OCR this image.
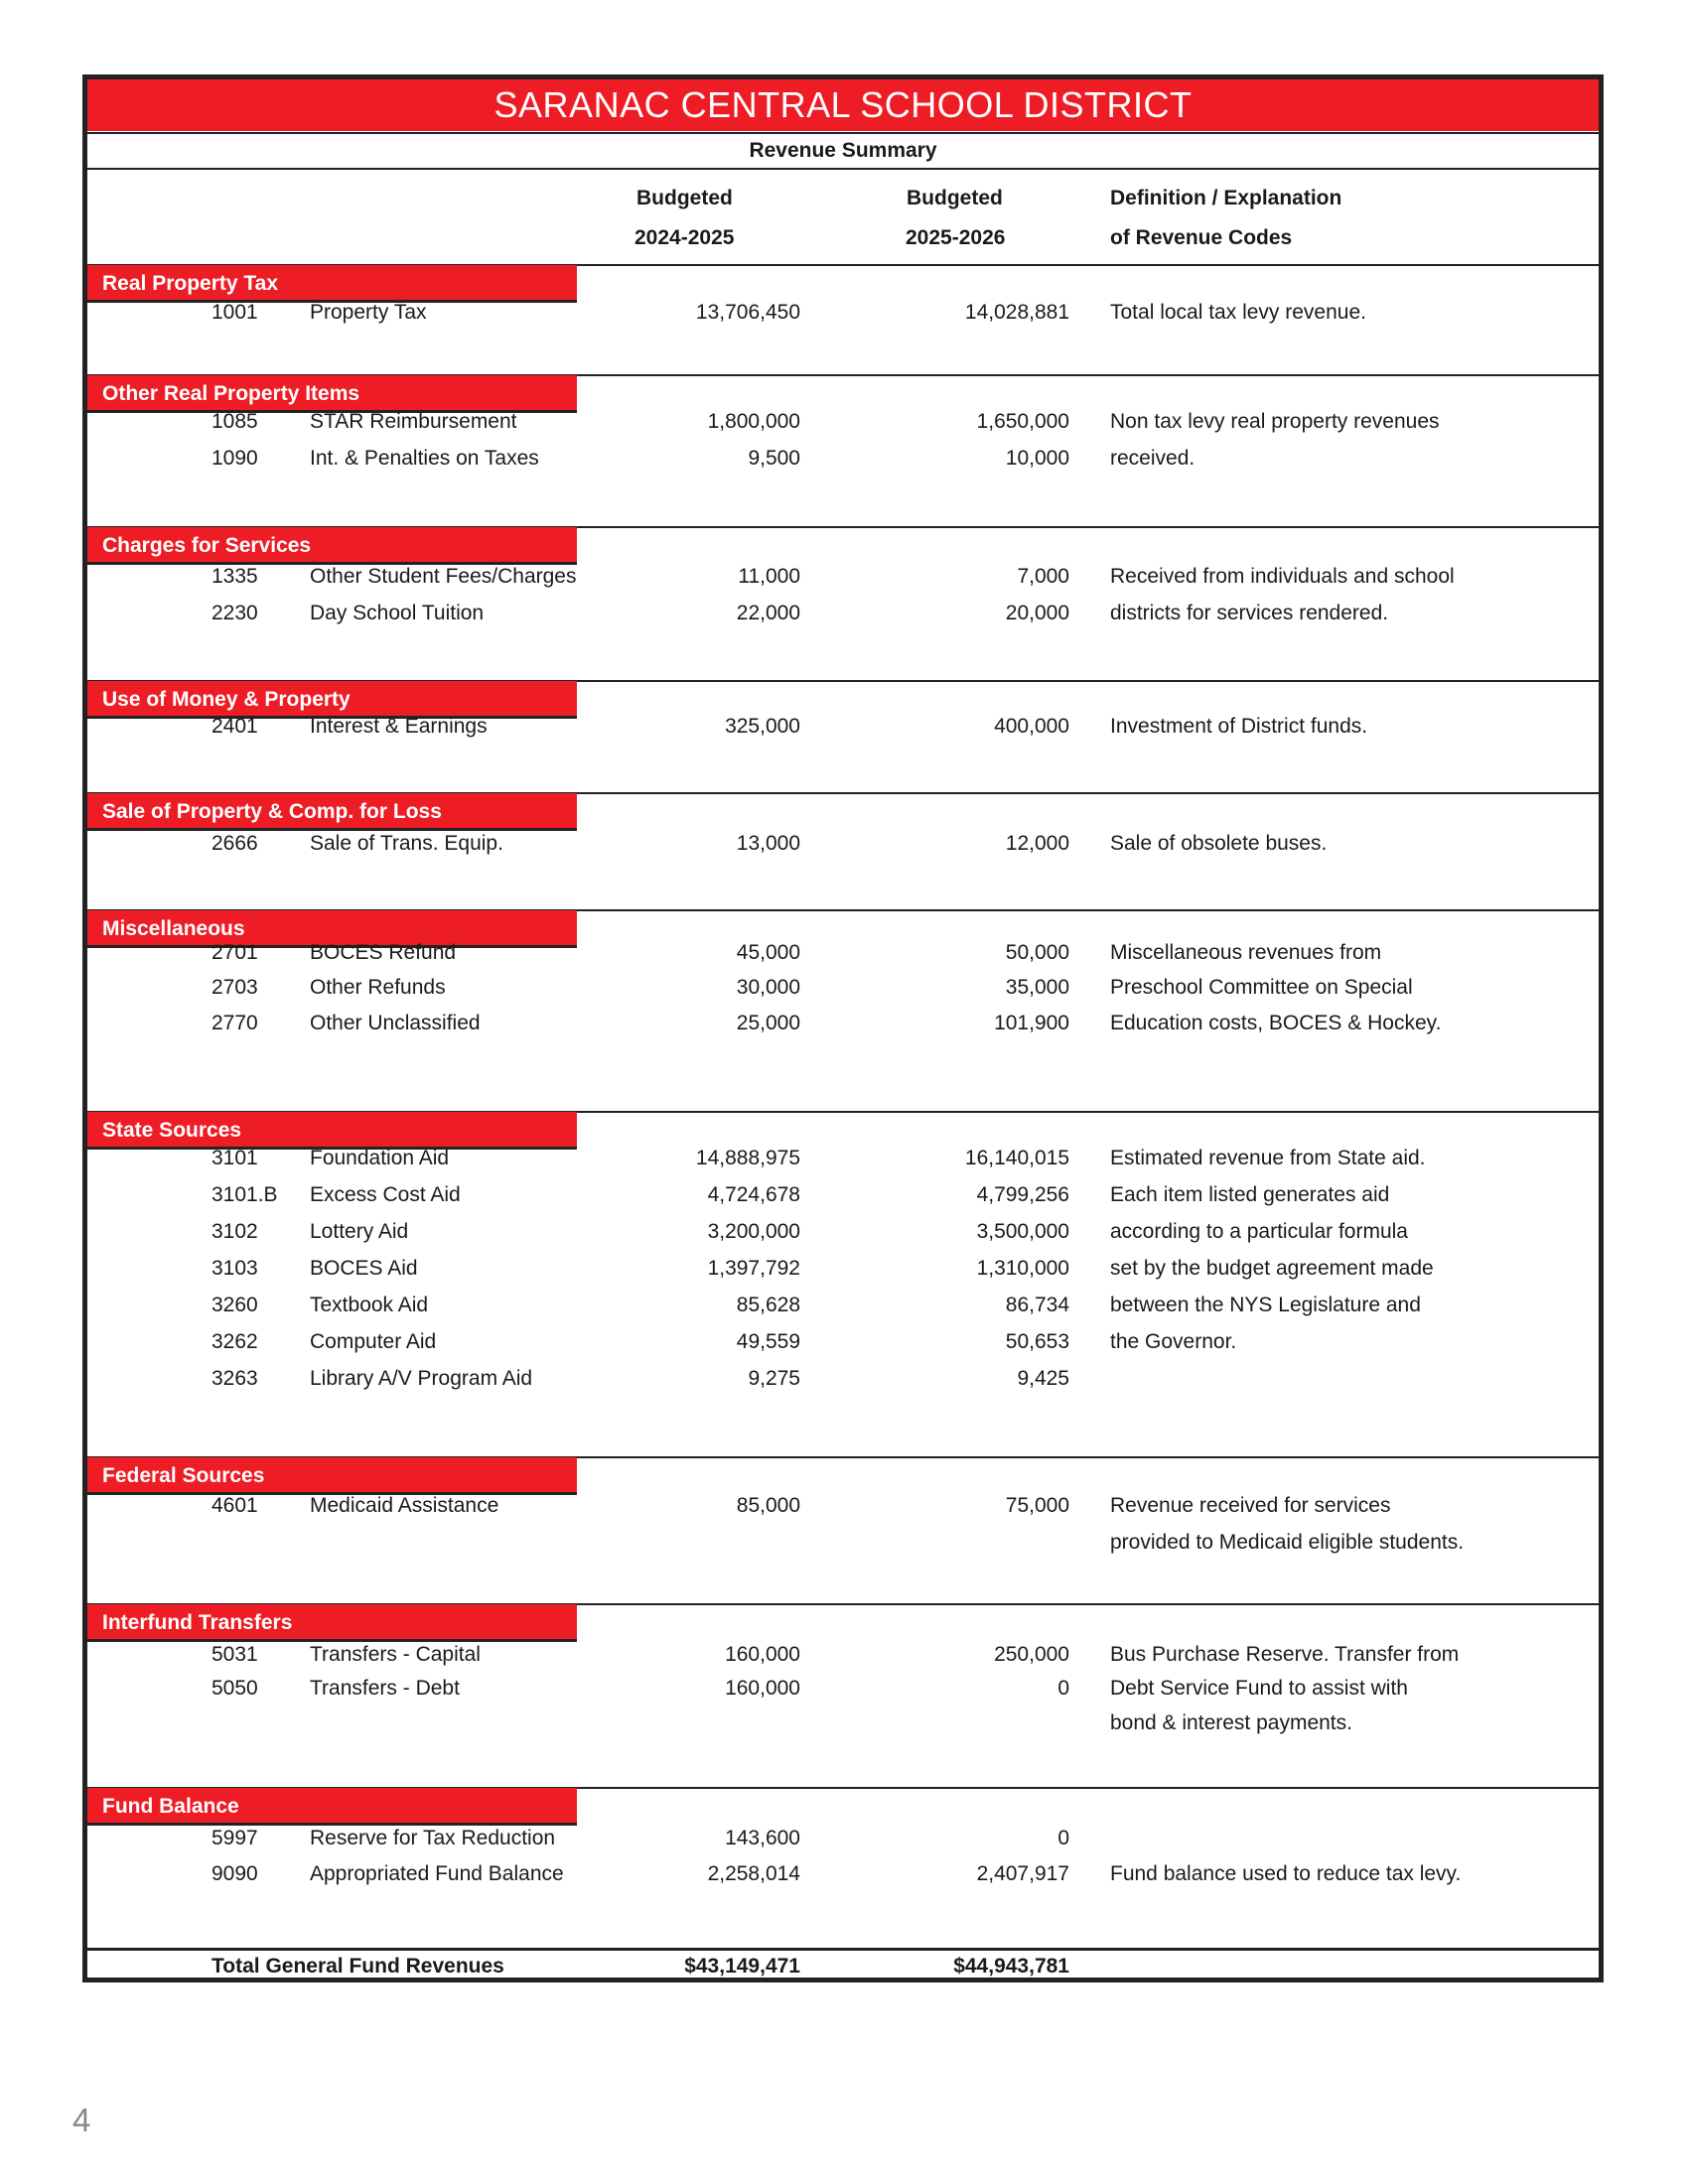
SARANAC CENTRAL SCHOOL DISTRICT
Revenue Summary
Budgeted
2024-2025
Budgeted
2025-2026
Definition / Explanation
of Revenue Codes
Real Property Tax
1001 Property Tax	13,706,450	14,028,881 Total local tax levy revenue.
Other Real Property Items
1085 STAR Reimbursement	1,800,000	1,650,000 Non tax levy real property revenues
1090 Int. & Penalties on Taxes	9,500	10,000 received.
Charges for Services
1335 Other Student Fees/Charges	11,000	7,000 Received from individuals and school
2230 Day School Tuition	22,000	20,000 districts for services rendered.
Use of Money & Property
2401 Interest & Earnings	325,000	400,000 Investment of District funds.
Sale of Property & Comp. for Loss
2666 Sale of Trans. Equip.	13,000	12,000 Sale of obsolete buses.
Miscellaneous
2701 BOCES Refund	45,000	50,000 Miscellaneous revenues from
2703 Other Refunds	30,000	35,000 Preschool Committee on Special
2770 Other Unclassified	25,000	101,900 Education costs, BOCES & Hockey.
State Sources
3101 Foundation Aid	14,888,975	16,140,015 Estimated revenue from State aid.
3101.B Excess Cost Aid	4,724,678	4,799,256 Each item listed generates aid
3102 Lottery Aid	3,200,000	3,500,000 according to a particular formula
3103 BOCES Aid	1,397,792	1,310,000 set by the budget agreement made
3260 Textbook Aid	85,628	86,734 between the NYS Legislature and
3262 Computer Aid	49,559	50,653 the Governor.
3263 Library A/V Program Aid	9,275	9,425
Federal Sources
4601 Medicaid Assistance	85,000	75,000 Revenue received for services
provided to Medicaid eligible students.
Interfund Transfers
5031 Transfers - Capital	160,000	250,000 Bus Purchase Reserve. Transfer from
5050 Transfers - Debt	160,000	0 Debt Service Fund to assist with
bond & interest payments.
Fund Balance
5997 Reserve for Tax Reduction	143,600	0
9090 Appropriated Fund Balance	2,258,014	2,407,917 Fund balance used to reduce tax levy.
Total General Fund Revenues	$43,149,471	$44,943,781
4
